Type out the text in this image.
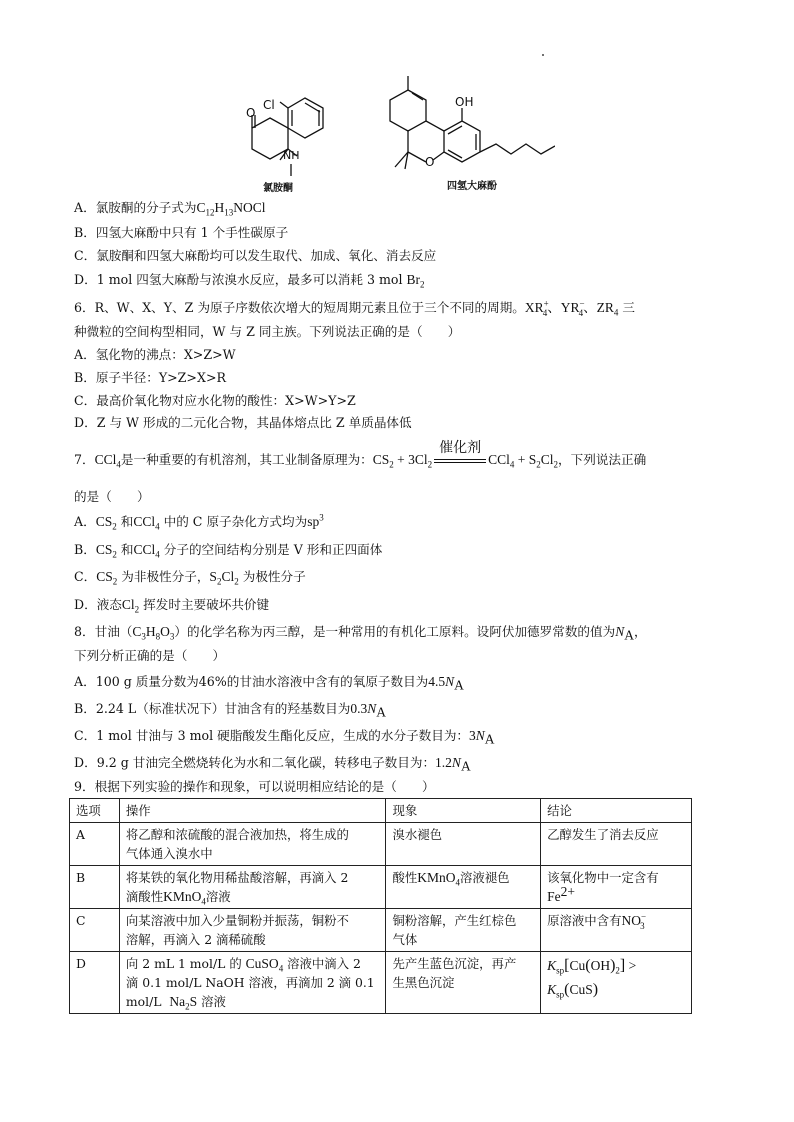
Cl
O
NH
氯胺酮
OH
O
四氢大麻酚
A．氯胺酮的分子式为$C_{12}H_{13}NOCl$
B．四氢大麻酚中只有 1 个手性碳原子
C．氯胺酮和四氢大麻酚均可以发生取代、加成、氧化、消去反应
D．1 mol 四氢大麻酚与浓溴水反应，最多可以消耗 3 mol $Br_2$
6．R、W、X、Y、Z 为原子序数依次增大的短周期元素且位于三个不同的周期。$XR^+_4$、$YR^-_4$、$ZR_4$ 三
种微粒的空间构型相同，W 与 Z 同主族。下列说法正确的是（　　）
A．氢化物的沸点：X>Z>W
B．原子半径：Y>Z>X>R
C．最高价氧化物对应水化物的酸性：X>W>Y>Z
D．Z 与 W 形成的二元化合物，其晶体熔点比 Z 单质晶体低
7．CCl$_4$是一种重要的有机溶剂，其工业制备原理为：$CS_2 + 3Cl_2$
催化剂
$CCl_4 + S_2Cl_2$，下列说法正确
的是（　　）
A．$CS_2$ 和CCl$_4$ 中的 C 原子杂化方式均为$sp^3$
B．$CS_2$ 和CCl$_4$ 分子的空间结构分别是 V 形和正四面体
C．$CS_2$ 为非极性分子，$S_2Cl_2$ 为极性分子
D．液态$Cl_2$ 挥发时主要破坏共价键
8．甘油$(C_3H_8O_3)$的化学名称为丙三醇，是一种常用的有机化工原料。设阿伏加德罗常数的值为$N_A$，
下列分析正确的是（　　）
A．100 g 质量分数为46%的甘油水溶液中含有的氧原子数目为$4.5N_A$
B．2.24 L（标准状况下）甘油含有的羟基数目为$0.3N_A$
C．1 mol 甘油与 3 mol 硬脂酸发生酯化反应，生成的水分子数目为：$3N_A$
D．9.2 g 甘油完全燃烧转化为水和二氧化碳，转移电子数目为：$1.2N_A$
9．根据下列实验的操作和现象，可以说明相应结论的是（　　）
选项	操作	现象	结论
A	将乙醇和浓硫酸的混合液加热，将生成的
气体通入溴水中	溴水褪色	乙醇发生了消去反应
B	将某铁的氧化物用稀盐酸溶解，再滴入 2
滴酸性KMnO$_4$溶液	酸性KMnO$_4$溶液褪色	该氧化物中一定含有
$Fe^{2+}$
C	向某溶液中加入少量铜粉并振荡，铜粉不
溶解，再滴入 2 滴稀硫酸	铜粉溶解，产生红棕色
气体	原溶液中含有$NO^-_3$
D	向 2 mL 1 mol/L 的 CuSO$_4$ 溶液中滴入 2
滴 0.1 mol/L NaOH 溶液，再滴加 2 滴 0.1
mol/L $Na_2S$ 溶液	先产生蓝色沉淀，再产
生黑色沉淀	$K_{sp}[Cu(OH)_2]$ >
$K_{sp}(CuS)$
